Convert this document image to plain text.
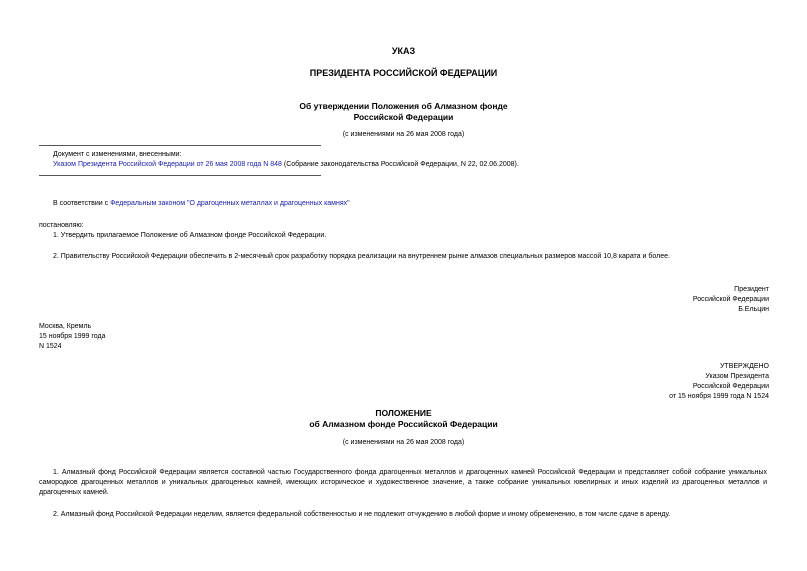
УКАЗ
ПРЕЗИДЕНТА РОССИЙСКОЙ ФЕДЕРАЦИИ
Об утверждении Положения об Алмазном фонде
Российской Федерации
(с изменениями на 26 мая 2008 года)
Документ с изменениями, внесенными:
Указом Президента Российской Федерации от 26 мая 2008 года N 848 (Собрание законодательства Российской Федерации, N 22, 02.06.2008).
В соответствии с Федеральным законом "О драгоценных металлах и драгоценных камнях"
постановляю:
1. Утвердить прилагаемое Положение об Алмазном фонде Российской Федерации.
2. Правительству Российской Федерации обеспечить в 2-месячный срок разработку порядка реализации на внутреннем рынке алмазов специальных размеров массой 10,8 карата и более.
Президент
Российской Федерации
Б.Ельцин
Москва, Кремль
15 ноября 1999 года
N 1524
УТВЕРЖДЕНО
Указом Президента
Российской Федерации
от 15 ноября 1999 года N 1524
ПОЛОЖЕНИЕ
об Алмазном фонде Российской Федерации
(с изменениями на 26 мая 2008 года)
1. Алмазный фонд Российской Федерации является составной частью Государственного фонда драгоценных металлов и драгоценных камней Российской Федерации и представляет собой собрание уникальных самородков драгоценных металлов и уникальных драгоценных камней, имеющих историческое и художественное значение, а также собрание уникальных ювелирных и иных изделий из драгоценных металлов и драгоценных камней.
2. Алмазный фонд Российской Федерации неделим, является федеральной собственностью и не подлежит отчуждению в любой форме и иному обременению, в том числе сдаче в аренду.
